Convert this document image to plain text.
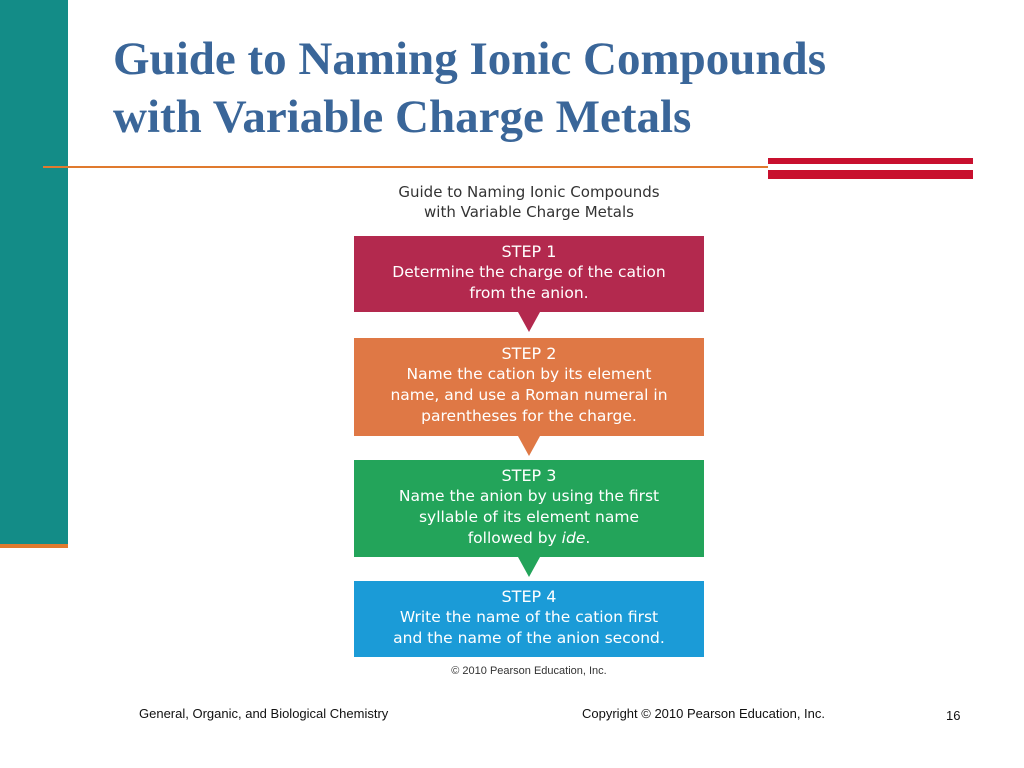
Guide to Naming Ionic Compounds
with Variable Charge Metals
Guide to Naming Ionic Compounds
with Variable Charge Metals
STEP 1
Determine the charge of the cation
from the anion.
STEP 2
Name the cation by its element
name, and use a Roman numeral in
parentheses for the charge.
STEP 3
Name the anion by using the first
syllable of its element name
followed by ide.
STEP 4
Write the name of the cation first
and the name of the anion second.
© 2010 Pearson Education, Inc.
General, Organic, and Biological Chemistry	Copyright © 2010 Pearson Education, Inc.	16
